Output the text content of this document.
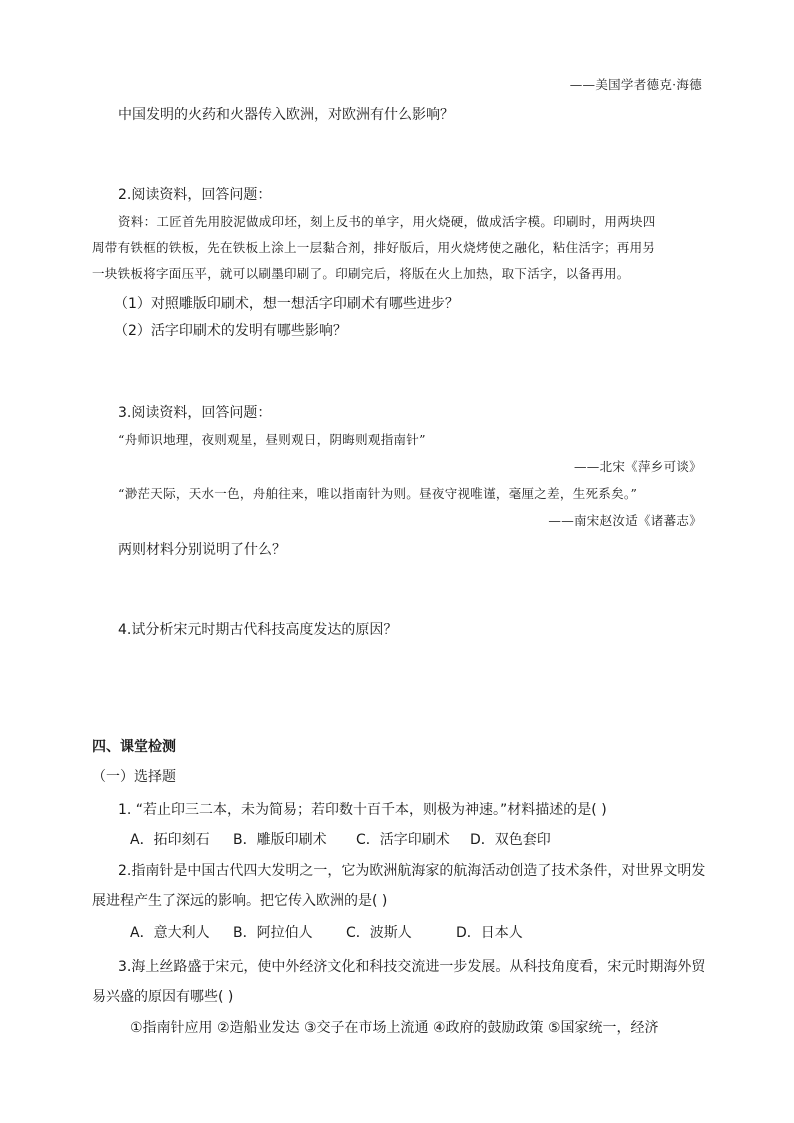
——美国学者德克·海德
中国发明的火药和火器传入欧洲，对欧洲有什么影响？
2.阅读资料，回答问题：
资料：工匠首先用胶泥做成印坯，刻上反书的单字，用火烧硬，做成活字模。印刷时，用两块四
周带有铁框的铁板，先在铁板上涂上一层黏合剂，排好版后，用火烧烤使之融化，粘住活字；再用另
一块铁板将字面压平，就可以刷墨印刷了。印刷完后，将版在火上加热，取下活字，以备再用。
（1）对照雕版印刷术，想一想活字印刷术有哪些进步？
（2）活字印刷术的发明有哪些影响？
3.阅读资料，回答问题：
“舟师识地理，夜则观星，昼则观日，阴晦则观指南针”
——北宋《萍乡可谈》
“渺茫天际，天水一色，舟舶往来，唯以指南针为则。昼夜守视唯谨，毫厘之差，生死系矣。”
——南宋赵汝适《诸蕃志》
两则材料分别说明了什么？
4.试分析宋元时期古代科技高度发达的原因？
四、课堂检测
（一）选择题
1. “若止印三二本，未为简易；若印数十百千本，则极为神速。”材料描述的是( )
A．拓印刻石 B．雕版印刷术 C．活字印刷术 D．双色套印
2.指南针是中国古代四大发明之一，它为欧洲航海家的航海活动创造了技术条件，对世界文明发
展进程产生了深远的影响。把它传入欧洲的是( )
A．意大利人 B．阿拉伯人 C．波斯人	D．日本人
3.海上丝路盛于宋元，使中外经济文化和科技交流进一步发展。从科技角度看，宋元时期海外贸
易兴盛的原因有哪些( )
①指南针应用 ②造船业发达 ③交子在市场上流通 ④政府的鼓励政策 ⑤国家统一，经济
